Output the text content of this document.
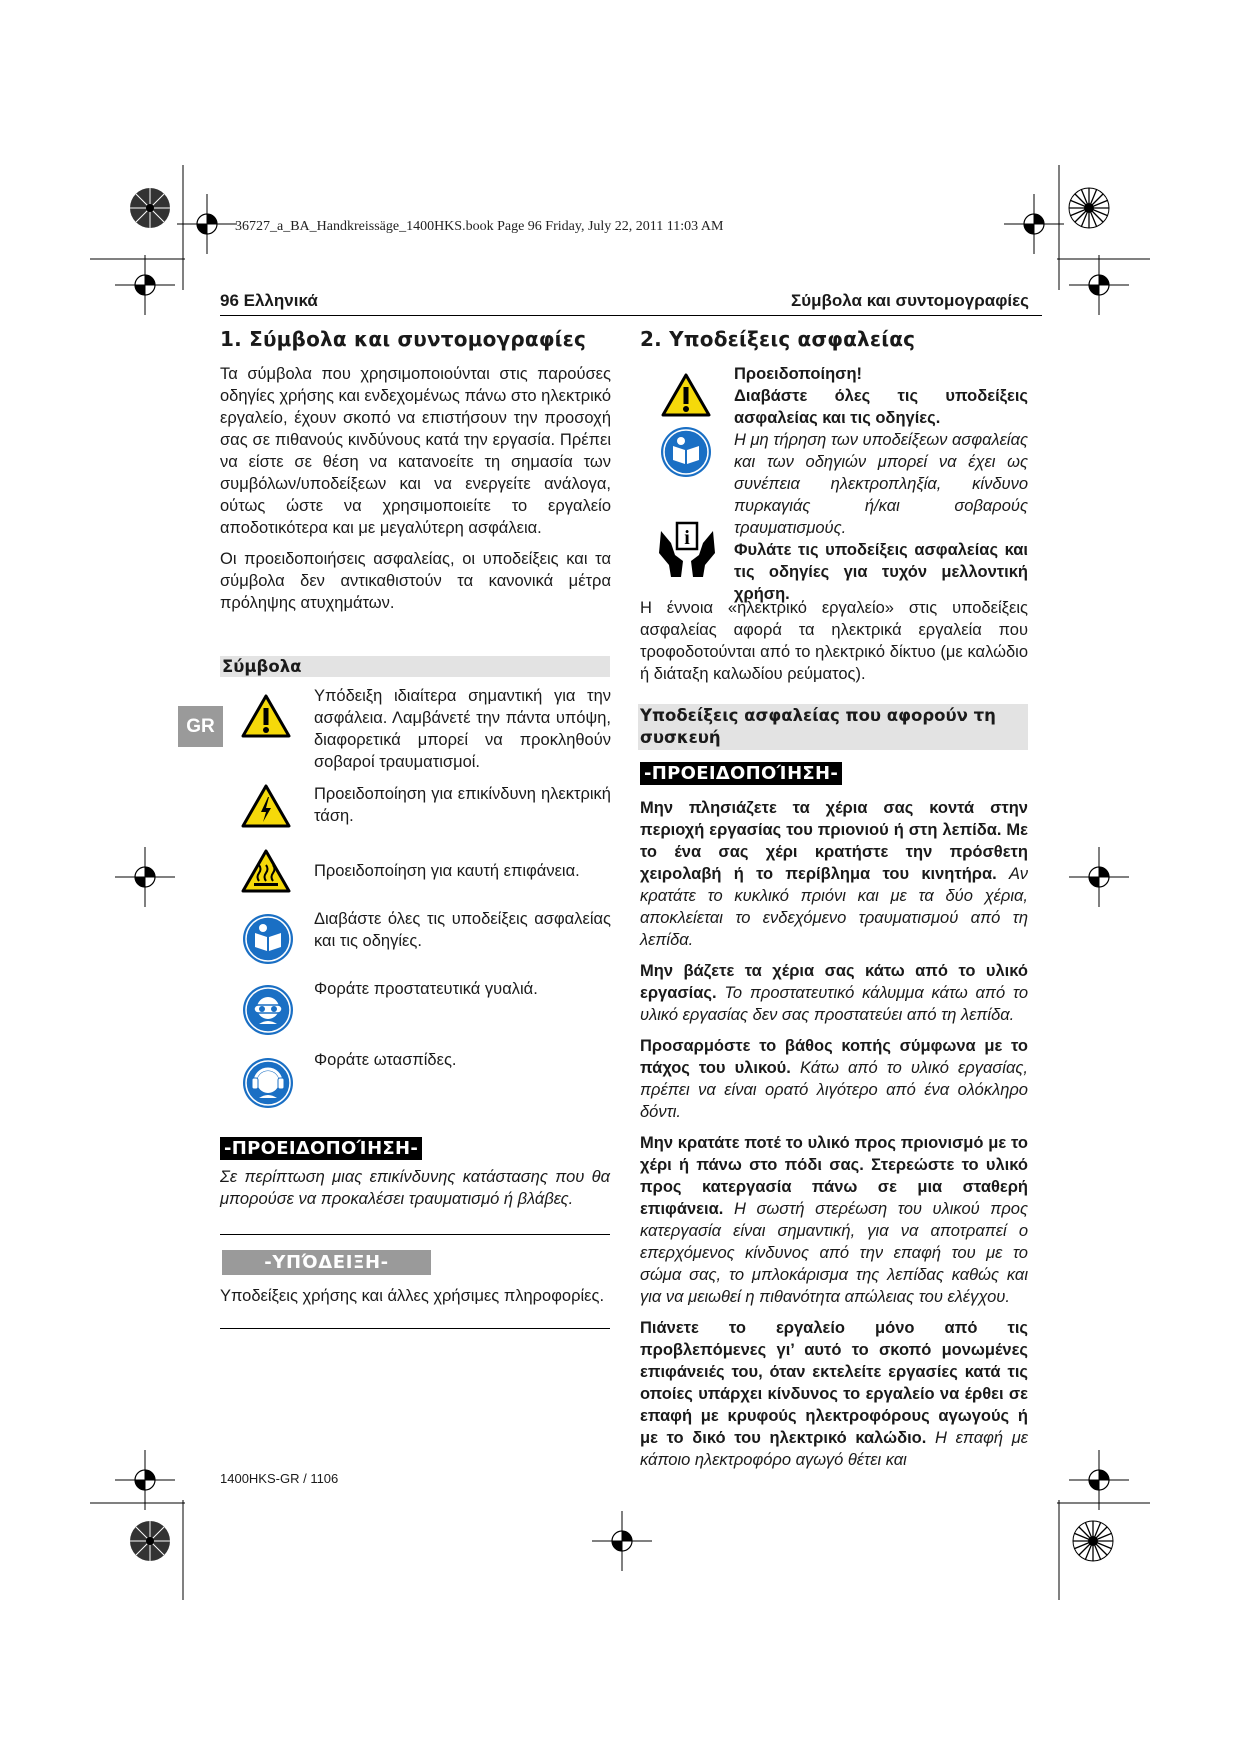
36727_a_BA_Handkreissäge_1400HKS.book Page 96 Friday, July 22, 2011 11:03 AM
96 Ελληνικά	Σύμβολα και συντομογραφίες
GR
1. Σύμβολα και συντομογραφίες

Τα σύμβολα που χρησιμοποιούνται στις παρούσες οδηγίες χρήσης και ενδεχομένως πάνω στο ηλεκτρικό εργαλείο, έχουν σκοπό να επιστήσουν την προσοχή σας σε πιθανούς κινδύνους κατά την εργασία. Πρέπει να είστε σε θέση να κατανοείτε τη σημασία των συμβόλων/υποδείξεων και να ενεργείτε ανάλογα, ούτως ώστε να χρησιμοποιείτε το εργαλείο αποδοτικότερα και με μεγαλύτερη ασφάλεια.

Οι προειδοποιήσεις ασφαλείας, οι υποδείξεις και τα σύμβολα δεν αντικαθιστούν τα κανονικά μέτρα πρόληψης ατυχημάτων.

Σύμβολα
Υπόδειξη ιδιαίτερα σημαντική για την ασφάλεια. Λαμβάνετέ την πάντα υπόψη, διαφορετικά μπορεί να προκληθούν σοβαροί τραυματισμοί.
Προειδοποίηση για επικίνδυνη ηλεκτρική τάση.
Προειδοποίηση για καυτή επιφάνεια.
Διαβάστε όλες τις υποδείξεις ασφαλείας και τις οδηγίες.
Φοράτε προστατευτικά γυαλιά.
Φοράτε ωτασπίδες.
-ΠΡΟΕΙΔΟΠΟΊΗΣΗ-
Σε περίπτωση μιας επικίνδυνης κατάστασης που θα μπορούσε να προκαλέσει τραυματισμό ή βλάβες.
-ΥΠΌΔΕΙΞΗ-
Υποδείξεις χρήσης και άλλες χρήσιμες πληροφορίες.
2. Υποδείξεις ασφαλείας
i
Προειδοποίηση!
Διαβάστε όλες τις υποδείξεις ασφαλείας και τις οδηγίες.
Η μη τήρηση των υποδείξεων ασφαλείας και των οδηγιών μπορεί να έχει ως συνέπεια ηλεκτροπληξία, κίνδυνο πυρκαγιάς ή/και σοβαρούς τραυματισμούς.
Φυλάτε τις υποδείξεις ασφαλείας και τις οδηγίες για τυχόν μελλοντική χρήση.
Η έννοια «ηλεκτρικό εργαλείο» στις υποδείξεις ασφαλείας αφορά τα ηλεκτρικά εργαλεία που τροφοδοτούνται από το ηλεκτρικό δίκτυο (με καλώδιο ή διάταξη καλωδίου ρεύματος).
Υποδείξεις ασφαλείας που αφορούν τη συσκευή
-ΠΡΟΕΙΔΟΠΟΊΗΣΗ-

Μην πλησιάζετε τα χέρια σας κοντά στην περιοχή εργασίας του πριονιού ή στη λεπίδα. Με το ένα σας χέρι κρατήστε την πρόσθετη χειρολαβή ή το περίβλημα του κινητήρα. Αν κρατάτε το κυκλικό πριόνι και με τα δύο χέρια, αποκλείεται το ενδεχόμενο τραυματισμού από τη λεπίδα.

Μην βάζετε τα χέρια σας κάτω από το υλικό εργασίας. Το προστατευτικό κάλυμμα κάτω από το υλικό εργασίας δεν σας προστατεύει από τη λεπίδα.

Προσαρμόστε το βάθος κοπής σύμφωνα με το πάχος του υλικού. Κάτω από το υλικό εργασίας, πρέπει να είναι ορατό λιγότερο από ένα ολόκληρο δόντι.

Μην κρατάτε ποτέ το υλικό προς πριονισμό με το χέρι ή πάνω στο πόδι σας. Στερεώστε το υλικό προς κατεργασία πάνω σε μια σταθερή επιφάνεια. Η σωστή στερέωση του υλικού προς κατεργασία είναι σημαντική, για να αποτραπεί ο επερχόμενος κίνδυνος από την επαφή του με το σώμα σας, το μπλοκάρισμα της λεπίδας καθώς και για να μειωθεί η πιθανότητα απώλειας του ελέγχου.

Πιάνετε το εργαλείο μόνο από τις προβλεπόμενες γι’ αυτό το σκοπό μονωμένες επιφάνειές του, όταν εκτελείτε εργασίες κατά τις οποίες υπάρχει κίνδυνος το εργαλείο να έρθει σε επαφή με κρυφούς ηλεκτροφόρους αγωγούς ή με το δικό του ηλεκτρικό καλώδιο. Η επαφή με κάποιο ηλεκτροφόρο αγωγό θέτει και

1400HKS-GR / 1106
